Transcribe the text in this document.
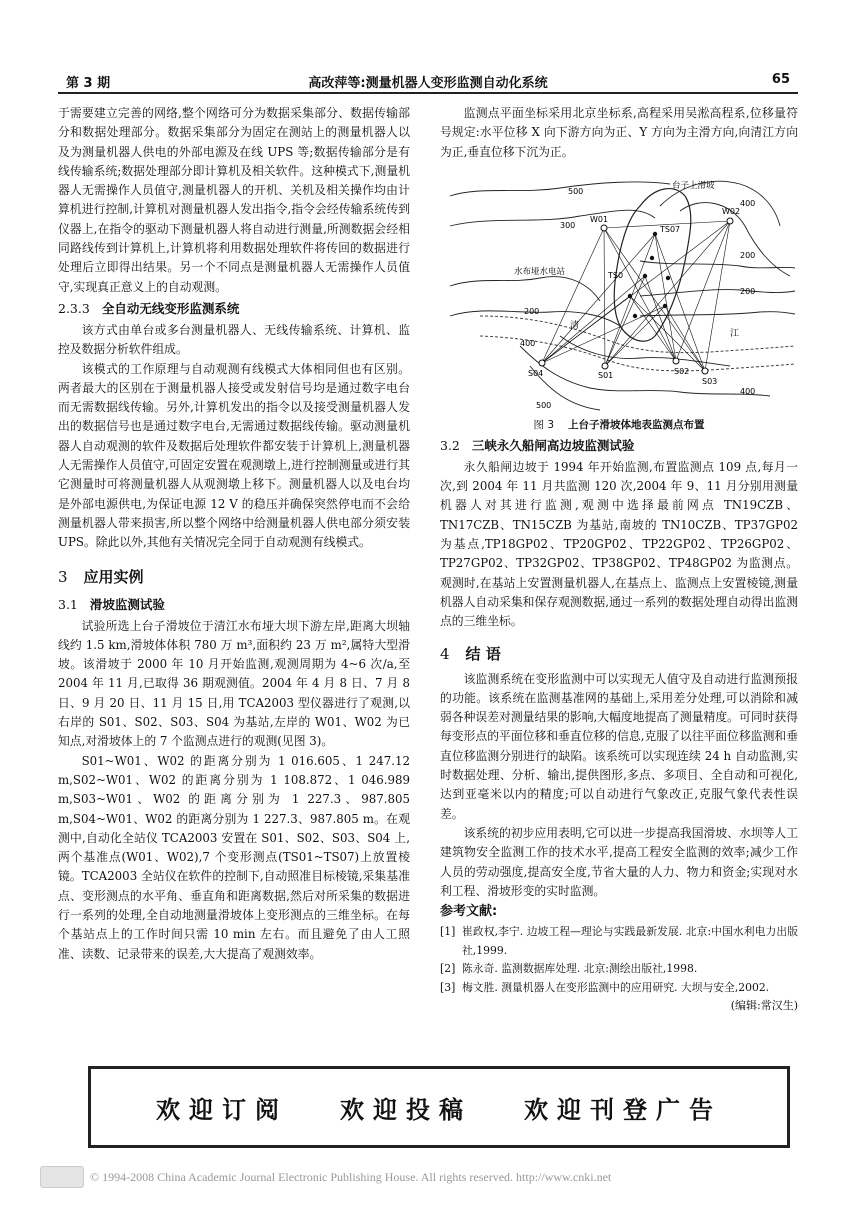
第 3 期	高改萍等:测量机器人变形监测自动化系统	65

于需要建立完善的网络,整个网络可分为数据采集部分、数据传输部分和数据处理部分。数据采集部分为固定在测站上的测量机器人以及为测量机器人供电的外部电源及在线 UPS 等;数据传输部分是有线传输系统;数据处理部分即计算机及相关软件。这种模式下,测量机器人无需操作人员值守,测量机器人的开机、关机及相关操作均由计算机进行控制,计算机对测量机器人发出指令,指令会经传输系统传到仪器上,在指令的驱动下测量机器人将自动进行测量,所测数据会经相同路线传到计算机上,计算机将利用数据处理软件将传回的数据进行处理后立即得出结果。另一个不同点是测量机器人无需操作人员值守,实现真正意义上的自动观测。

2.3.3 全自动无线变形监测系统

该方式由单台或多台测量机器人、无线传输系统、计算机、监控及数据分析软件组成。

该模式的工作原理与自动观测有线模式大体相同但也有区别。两者最大的区别在于测量机器人接受或发射信号均是通过数字电台而无需数据线传输。另外,计算机发出的指令以及接受测量机器人发出的数据信号也是通过数字电台,无需通过数据线传输。驱动测量机器人自动观测的软件及数据后处理软件都安装于计算机上,测量机器人无需操作人员值守,可固定安置在观测墩上,进行控制测量或进行其它测量时可将测量机器人从观测墩上移下。测量机器人以及电台均是外部电源供电,为保证电源 12 V 的稳压并确保突然停电而不会给测量机器人带来损害,所以整个网络中给测量机器人供电部分须安装 UPS。除此以外,其他有关情况完全同于自动观测有线模式。

3 应用实例
3.1 滑坡监测试验

试验所选上台子滑坡位于清江水布垭大坝下游左岸,距离大坝轴线约 1.5 km,滑坡体体积 780 万 m³,面积约 23 万 m²,属特大型滑坡。该滑坡于 2000 年 10 月开始监测,观测周期为 4~6 次/a,至 2004 年 11 月,已取得 36 期观测值。2004 年 4 月 8 日、7 月 8 日、9 月 20 日、11 月 15 日,用 TCA2003 型仪器进行了观测,以右岸的 S01、S02、S03、S04 为基站,左岸的 W01、W02 为已知点,对滑坡体上的 7 个监测点进行的观测(见图 3)。

S01~W01、W02 的距离分别为 1 016.605、1 247.12 m,S02~W01、W02 的距离分别为 1 108.872、1 046.989 m,S03~W01、W02 的距离分别为 1 227.3、987.805 m,S04~W01、W02 的距离分别为 1 227.3、987.805 m。在观测中,自动化全站仪 TCA2003 安置在 S01、S02、S03、S04 上,两个基准点(W01、W02),7 个变形测点(TS01~TS07)上放置棱镜。TCA2003 全站仪在软件的控制下,自动照准目标棱镜,采集基准点、变形测点的水平角、垂直角和距离数据,然后对所采集的数据进行一系列的处理,全自动地测量滑坡体上变形测点的三维坐标。在每个基站点上的工作时间只需 10 min 左右。而且避免了由人工照准、读数、记录带来的误差,大大提高了观测效率。

监测点平面坐标采用北京坐标系,高程采用吴淞高程系,位移量符号规定:水平位移 X 向下游方向为正、Y 方向为主滑方向,向清江方向为正,垂直位移下沉为正。

500
400
300
200
200
200
400
400
500
台子上滑坡
水布垭水电站
清
江
W01
W02
TS07
TS0
S04	S01	S02
S03
图 3 上台子滑坡体地表监测点布置
3.2 三峡永久船闸高边坡监测试验

永久船闸边坡于 1994 年开始监测,布置监测点 109 点,每月一次,到 2004 年 11 月共监测 120 次,2004 年 9、11 月分别用测量机器人对其进行监测,观测中选择最前网点 TN19CZB、TN17CZB、TN15CZB 为基站,南坡的 TN10CZB、TP37GP02 为基点,TP18GP02、TP20GP02、TP22GP02、TP26GP02、TP27GP02、TP32GP02、TP38GP02、TP48GP02 为监测点。观测时,在基站上安置测量机器人,在基点上、监测点上安置棱镜,测量机器人自动采集和保存观测数据,通过一系列的数据处理自动得出监测点的三维坐标。

4 结 语

该监测系统在变形监测中可以实现无人值守及自动进行监测预报的功能。该系统在监测基准网的基础上,采用差分处理,可以消除和减弱各种误差对测量结果的影响,大幅度地提高了测量精度。可同时获得每变形点的平面位移和垂直位移的信息,克服了以往平面位移监测和垂直位移监测分别进行的缺陷。该系统可以实现连续 24 h 自动监测,实时数据处理、分析、输出,提供图形,多点、多项目、全自动和可视化,达到亚毫米以内的精度;可以自动进行气象改正,克服气象代表性误差。

该系统的初步应用表明,它可以进一步提高我国滑坡、水坝等人工建筑物安全监测工作的技术水平,提高工程安全监测的效率;减少工作人员的劳动强度,提高安全度,节省大量的人力、物力和资金;实现对水利工程、滑坡形变的实时监测。

参考文献:
[1] 崔政权,李宁. 边坡工程—理论与实践最新发展. 北京:中国水利电力出版社,1999.
[2] 陈永奇. 监测数据库处理. 北京:测绘出版社,1998.
[3] 梅文胜. 测量机器人在变形监测中的应用研究. 大坝与安全,2002.
(编辑:常汉生)
欢迎订阅 欢迎投稿 欢迎刊登广告
© 1994-2008 China Academic Journal Electronic Publishing House. All rights reserved. http://www.cnki.net
